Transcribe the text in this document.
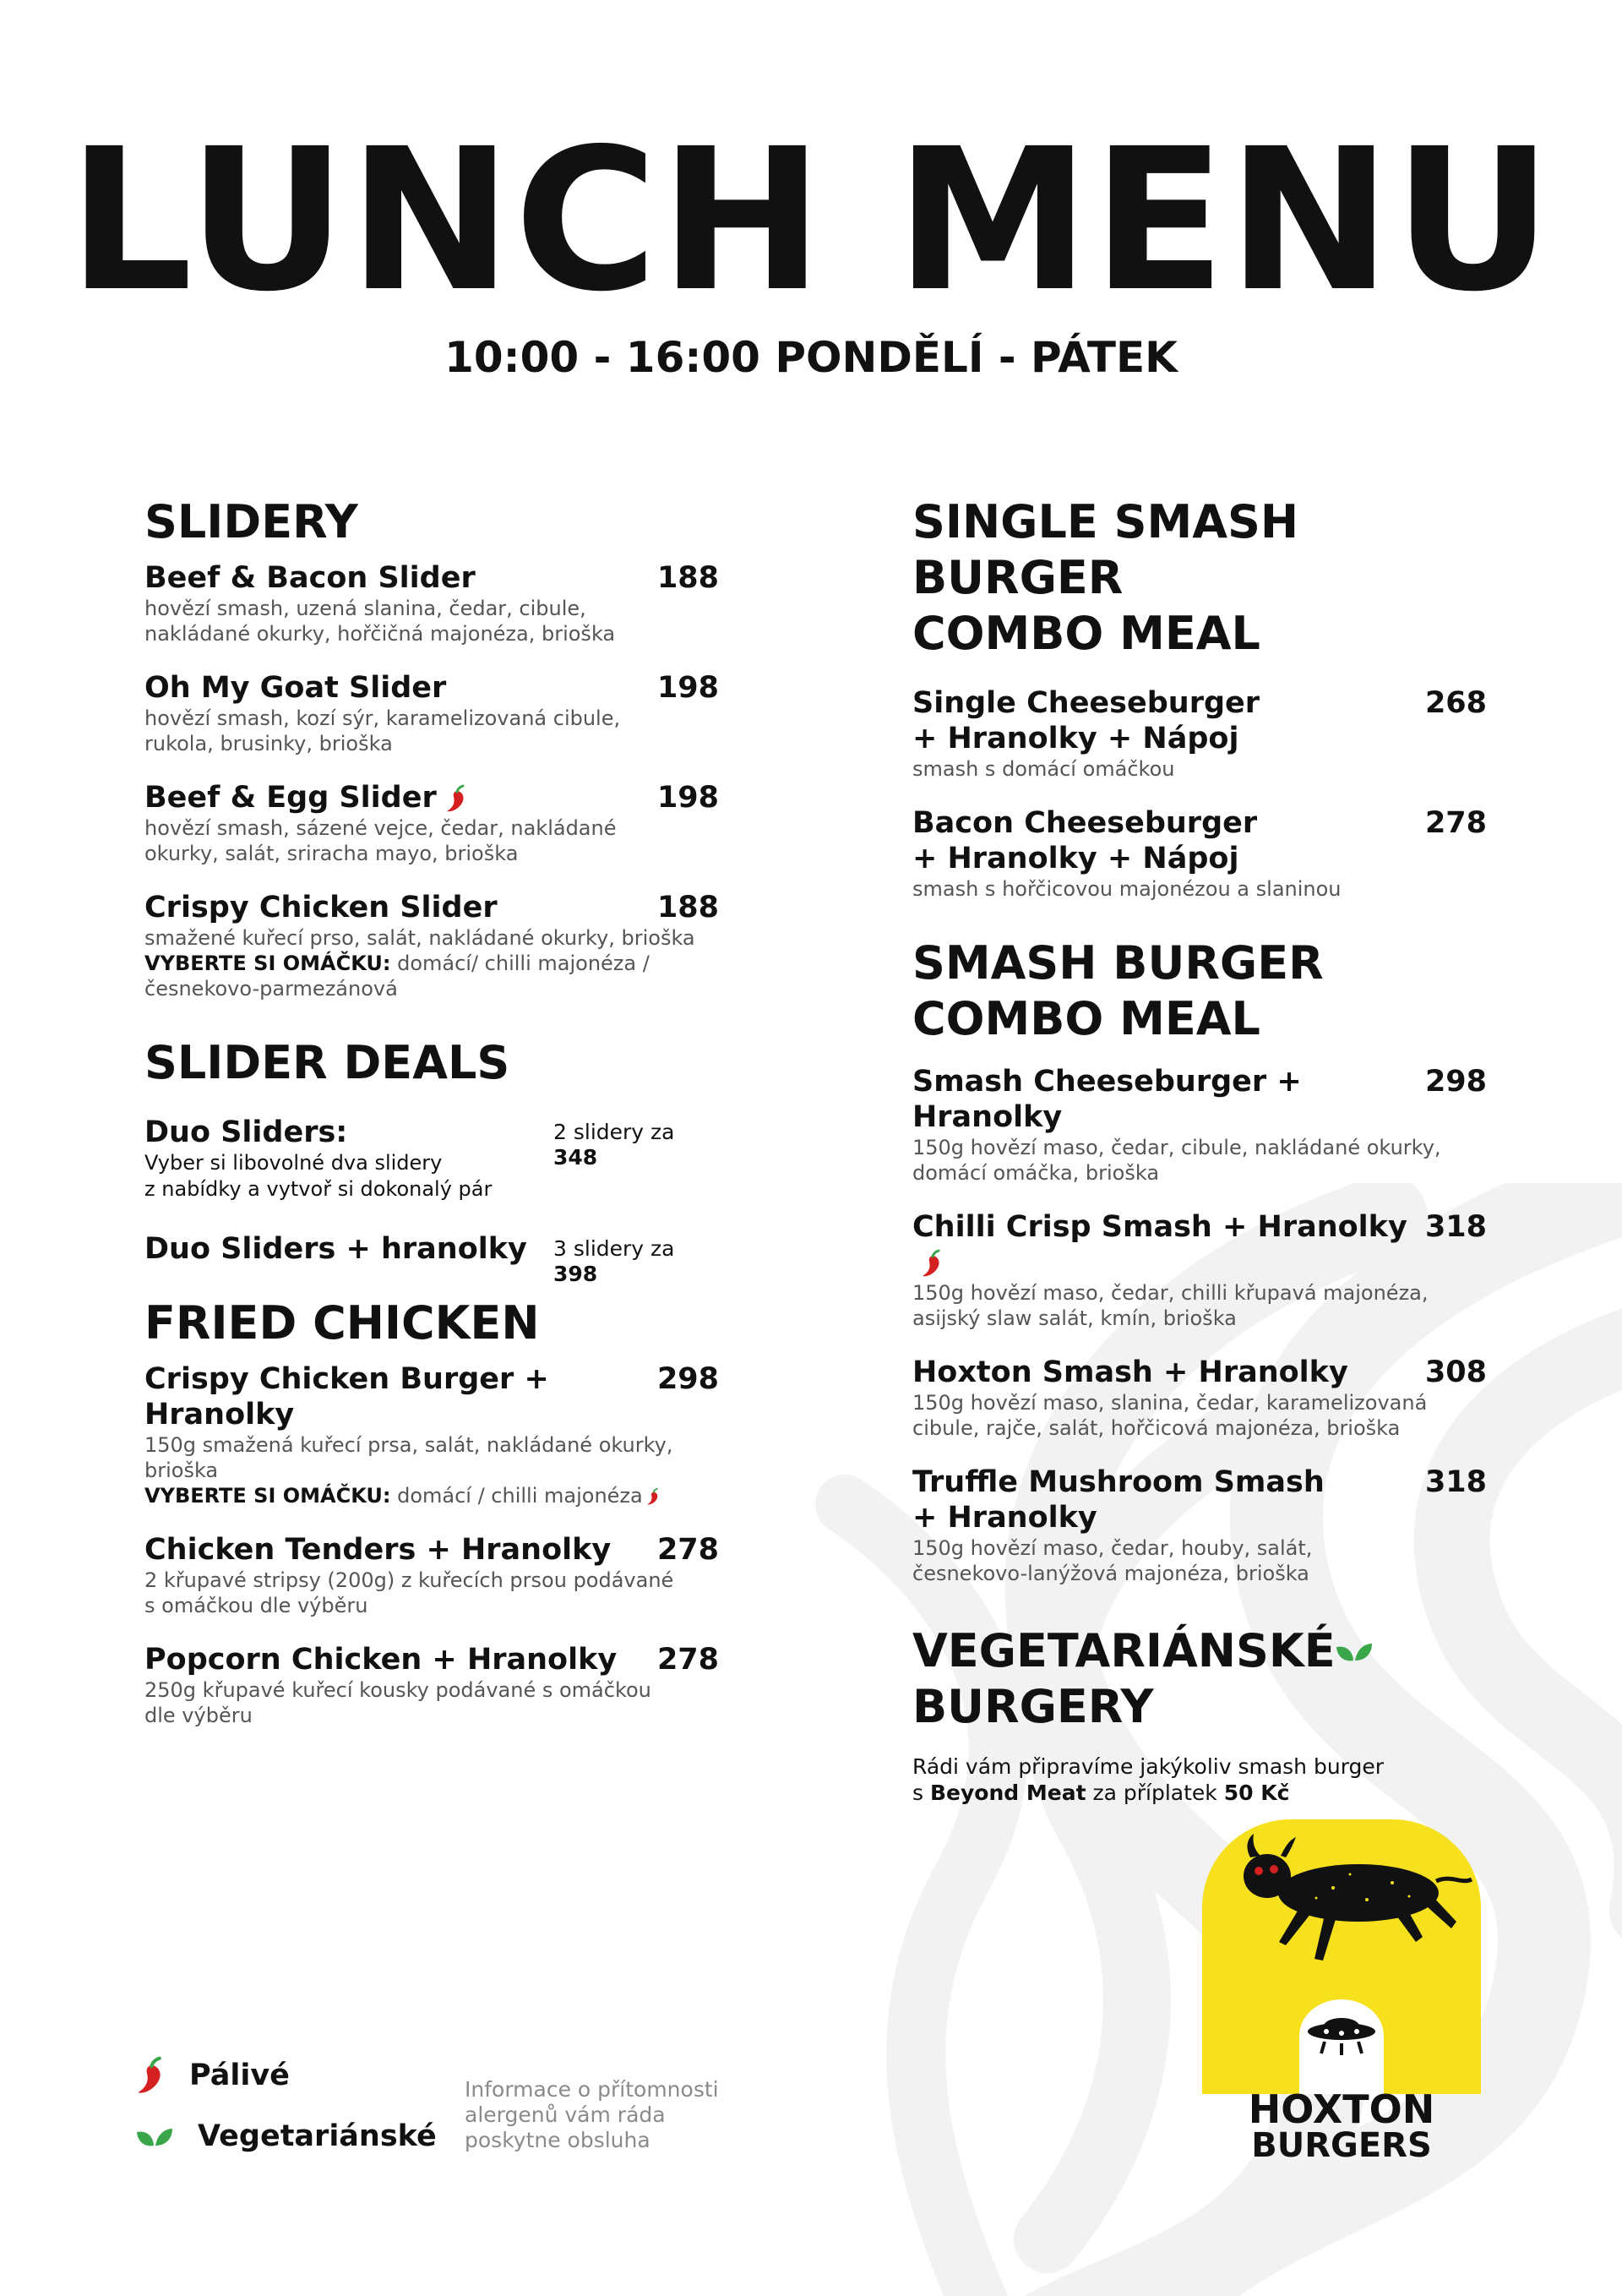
LUNCH MENU
10:00 - 16:00 PONDĚLÍ - PÁTEK
SLIDERY
Beef & Bacon Slider	188
hovězí smash, uzená slanina, čedar, cibule,
nakládané okurky, hořčičná majonéza, brioška
Oh My Goat Slider	198
hovězí smash, kozí sýr, karamelizovaná cibule,
rukola, brusinky, brioška
Beef & Egg Slider	198
hovězí smash, sázené vejce, čedar, nakládané
okurky, salát, sriracha mayo, brioška
Crispy Chicken Slider	188
smažené kuřecí prso, salát, nakládané okurky, brioška
VYBERTE SI OMÁČKU: domácí/ chilli majonéza /
česnekovo-parmezánová
SLIDER DEALS
Duo Sliders:	2 slidery za 348
Vyber si libovolné dva slidery
z nabídky a vytvoř si dokonalý pár
Duo Sliders + hranolky	3 slidery za 398
FRIED CHICKEN
Crispy Chicken Burger + Hranolky
298
150g smažená kuřecí prsa, salát, nakládané okurky, brioška
VYBERTE SI OMÁČKU: domácí / chilli majonéza
Chicken Tenders + Hranolky	278
2 křupavé stripsy (200g) z kuřecích prsou podávané
s omáčkou dle výběru
Popcorn Chicken + Hranolky	278
250g křupavé kuřecí kousky podávané s omáčkou
dle výběru
SINGLE SMASH BURGER
COMBO MEAL
Single Cheeseburger
+ Hranolky + Nápoj
268
smash s domácí omáčkou
Bacon Cheeseburger
+ Hranolky + Nápoj
278
smash s hořčicovou majonézou a slaninou
SMASH BURGER
COMBO MEAL
Smash Cheeseburger + Hranolky
298
150g hovězí maso, čedar, cibule, nakládané okurky,
domácí omáčka, brioška
Chilli Crisp Smash + Hranolky 318
150g hovězí maso, čedar, chilli křupavá majonéza,
asijský slaw salát, kmín, brioška
Hoxton Smash + Hranolky	308
150g hovězí maso, slanina, čedar, karamelizovaná
cibule, rajče, salát, hořčicová majonéza, brioška
Truffle Mushroom Smash
+ Hranolky
318
150g hovězí maso, čedar, houby, salát,
česnekovo-lanýžová majonéza, brioška
VEGETARIÁNSKÉ
BURGERY
Rádi vám připravíme jakýkoliv smash burger
s Beyond Meat za příplatek 50 Kč
Pálivé
Vegetariánské
Informace o přítomnosti
alergenů vám ráda
poskytne obsluha
HOXTON
BURGERS
